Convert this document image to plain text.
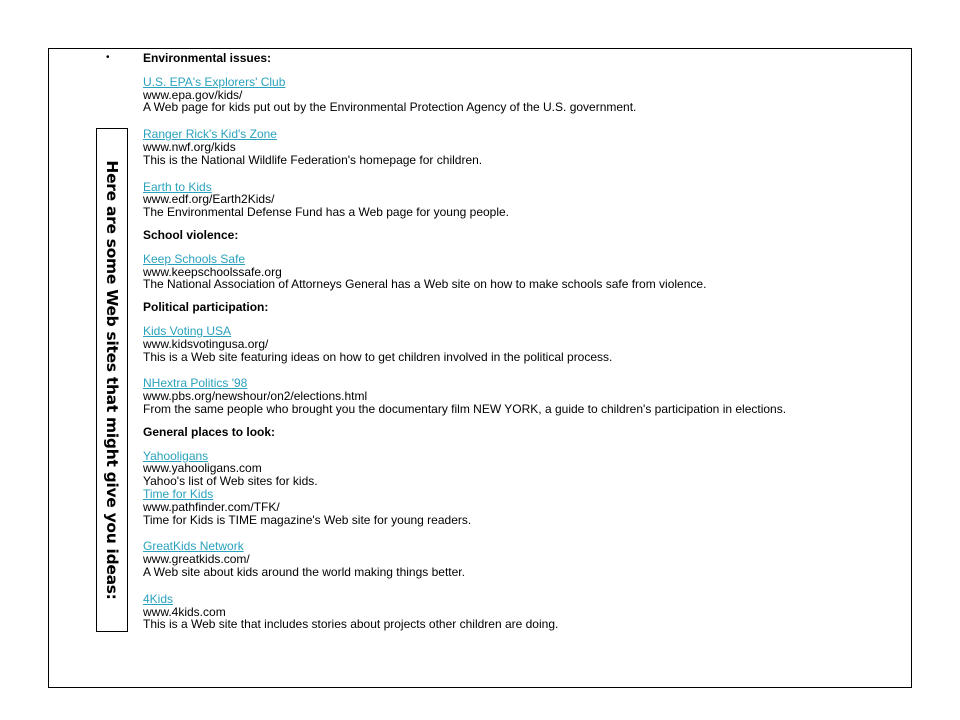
Here are some Web sites that might give you ideas:
•	Environmental issues:
U.S. EPA's Explorers' Club
www.epa.gov/kids/
A Web page for kids put out by the Environmental Protection Agency of the U.S. government.
Ranger Rick's Kid's Zone
www.nwf.org/kids
This is the National Wildlife Federation's homepage for children.
Earth to Kids
www.edf.org/Earth2Kids/
The Environmental Defense Fund has a Web page for young people.
School violence:
Keep Schools Safe
www.keepschoolssafe.org
The National Association of Attorneys General has a Web site on how to make schools safe from violence.
Political participation:
Kids Voting USA
www.kidsvotingusa.org/
This is a Web site featuring ideas on how to get children involved in the political process.
NHextra Politics '98
www.pbs.org/newshour/on2/elections.html
From the same people who brought you the documentary film NEW YORK, a guide to children's participation in elections.
General places to look:
Yahooligans
www.yahooligans.com
Yahoo's list of Web sites for kids.
Time for Kids
www.pathfinder.com/TFK/
Time for Kids is TIME magazine's Web site for young readers.
GreatKids Network
www.greatkids.com/
A Web site about kids around the world making things better.
4Kids
www.4kids.com
This is a Web site that includes stories about projects other children are doing.
